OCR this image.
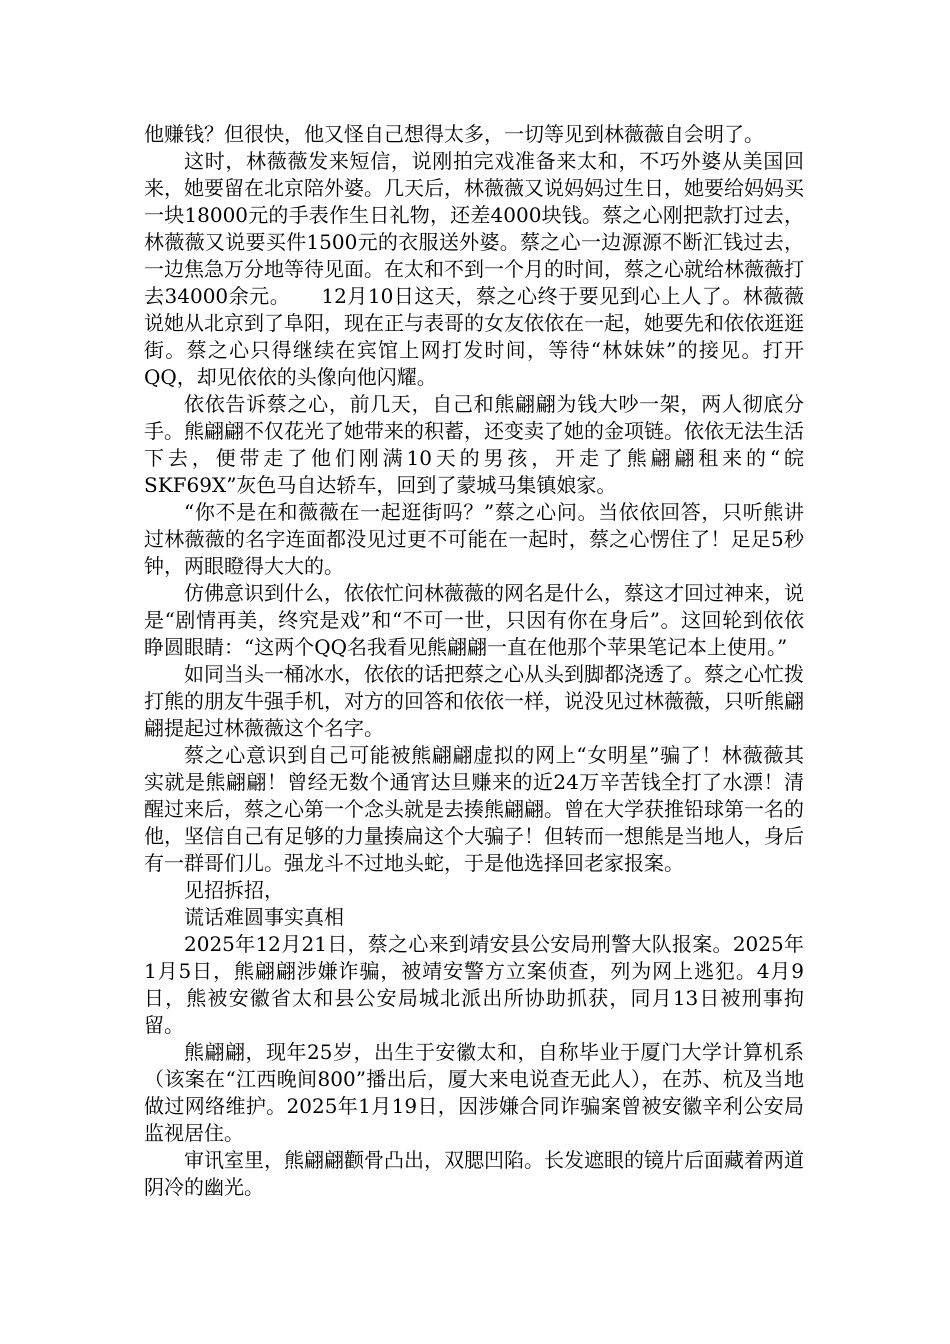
他赚钱？但很快，他又怪自己想得太多，一切等见到林薇薇自会明了。

这时，林薇薇发来短信，说刚拍完戏准备来太和，不巧外婆从美国回来，她要留在北京陪外婆。几天后，林薇薇又说妈妈过生日，她要给妈妈买一块18000元的手表作生日礼物，还差4000块钱。蔡之心刚把款打过去，林薇薇又说要买件1500元的衣服送外婆。蔡之心一边源源不断汇钱过去，一边焦急万分地等待见面。在太和不到一个月的时间，蔡之心就给林薇薇打去34000余元。　　12月10日这天，蔡之心终于要见到心上人了。林薇薇说她从北京到了阜阳，现在正与表哥的女友依依在一起，她要先和依依逛逛街。蔡之心只得继续在宾馆上网打发时间，等待“林妹妹”的接见。打开QQ，却见依依的头像向他闪耀。

依依告诉蔡之心，前几天，自己和熊翩翩为钱大吵一架，两人彻底分手。熊翩翩不仅花光了她带来的积蓄，还变卖了她的金项链。依依无法生活下去，便带走了他们刚满10天的男孩，开走了熊翩翩租来的“皖SKF69X”灰色马自达轿车，回到了蒙城马集镇娘家。

“你不是在和薇薇在一起逛街吗？”蔡之心问。当依依回答，只听熊讲过林薇薇的名字连面都没见过更不可能在一起时，蔡之心愣住了！足足5秒钟，两眼瞪得大大的。

仿佛意识到什么，依依忙问林薇薇的网名是什么，蔡这才回过神来，说是“剧情再美，终究是戏”和“不可一世，只因有你在身后”。这回轮到依依睁圆眼睛：“这两个QQ名我看见熊翩翩一直在他那个苹果笔记本上使用。”

如同当头一桶冰水，依依的话把蔡之心从头到脚都浇透了。蔡之心忙拨打熊的朋友牛强手机，对方的回答和依依一样，说没见过林薇薇，只听熊翩翩提起过林薇薇这个名字。

蔡之心意识到自己可能被熊翩翩虚拟的网上“女明星”骗了！林薇薇其实就是熊翩翩！曾经无数个通宵达旦赚来的近24万辛苦钱全打了水漂！清醒过来后，蔡之心第一个念头就是去揍熊翩翩。曾在大学获推铅球第一名的他，坚信自己有足够的力量揍扁这个大骗子！但转而一想熊是当地人，身后有一群哥们儿。强龙斗不过地头蛇，于是他选择回老家报案。

见招拆招，

谎话难圆事实真相

2025年12月21日，蔡之心来到靖安县公安局刑警大队报案。2025年1月5日，熊翩翩涉嫌诈骗，被靖安警方立案侦查，列为网上逃犯。4月9日，熊被安徽省太和县公安局城北派出所协助抓获，同月13日被刑事拘留。

熊翩翩，现年25岁，出生于安徽太和，自称毕业于厦门大学计算机系（该案在“江西晚间800”播出后，厦大来电说查无此人），在苏、杭及当地做过网络维护。2025年1月19日，因涉嫌合同诈骗案曾被安徽辛利公安局监视居住。

审讯室里，熊翩翩颧骨凸出，双腮凹陷。长发遮眼的镜片后面藏着两道阴冷的幽光。
